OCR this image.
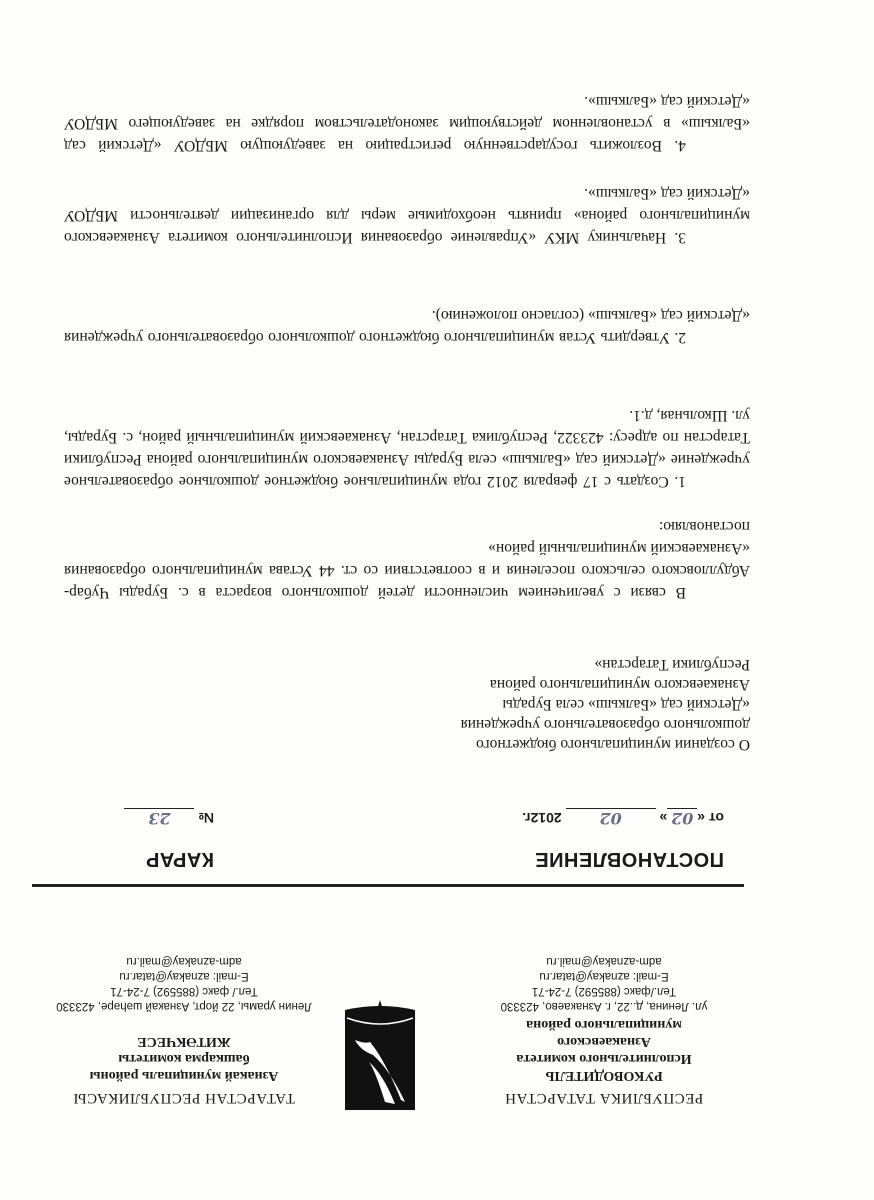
РЕСПУБЛИКА ТАТАРСТАН
РУКОВОДИТЕЛЬ
Исполнительного комитета
Азнакаевского
муниципального района
ул. Ленина, д..22, г. Азнакаево, 423330
Тел./факс (885592) 7-24-71
E-mail: aznakay@tatar.ru
adm-aznakay@mail.ru
ТАТАРСТАН РЕСПУБЛИКАСЫ
Азнакай муниципаль районы
башкарма комитеты
ЖИТӘКЧЕСЕ
Ленин урамы, 22 йорт, Азнакай шәһәре, 423330
Тел./ факс (885592) 7-24-71
E-mail: aznakay@tatar.ru
adm-aznakay@mail.ru
ПОСТАНОВЛЕНИЕ
КАРАР
от «02» 02 2012г.
№ 23
О создании муниципального бюджетного
дошкольного образовательного учреждения
«Детский сад «Балкыш» села Бурады
Азнакаевского муниципального района
Республики Татарстан»

В связи с увеличением численности детей дошкольного возраста в с. Бурады Чубар-Абдулловского сельского поселения и в соответствии со ст. 44 Устава муниципального образования «Азнакаевский муниципальный район»

постановляю:

1. Создать с 17 февраля 2012 года муниципальное бюджетное дошкольное образовательное учреждение «Детский сад «Балкыш» села Бурады Азнакаевского муниципального района Республики Татарстан по адресу: 423322, Республика Татарстан, Азнакаевский муниципальный район, с. Бурады, ул. Школьная, д.1.

2. Утвердить Устав муниципального бюджетного дошкольного образовательного учреждения «Детский сад «Балкыш» (согласно положению).

3. Начальнику МКУ «Управление образования Исполнительного комитета Азнакаевского муниципального района» принять необходимые меры для организации деятельности МБДОУ «Детский сад «Балкыш».

4. Возложить государственную регистрацию на заведующую МБДОУ «Детский сад «Балкыш» в установленном действующим законодательством порядке на заведующего МБДОУ «Детский сад «Балкыш».
